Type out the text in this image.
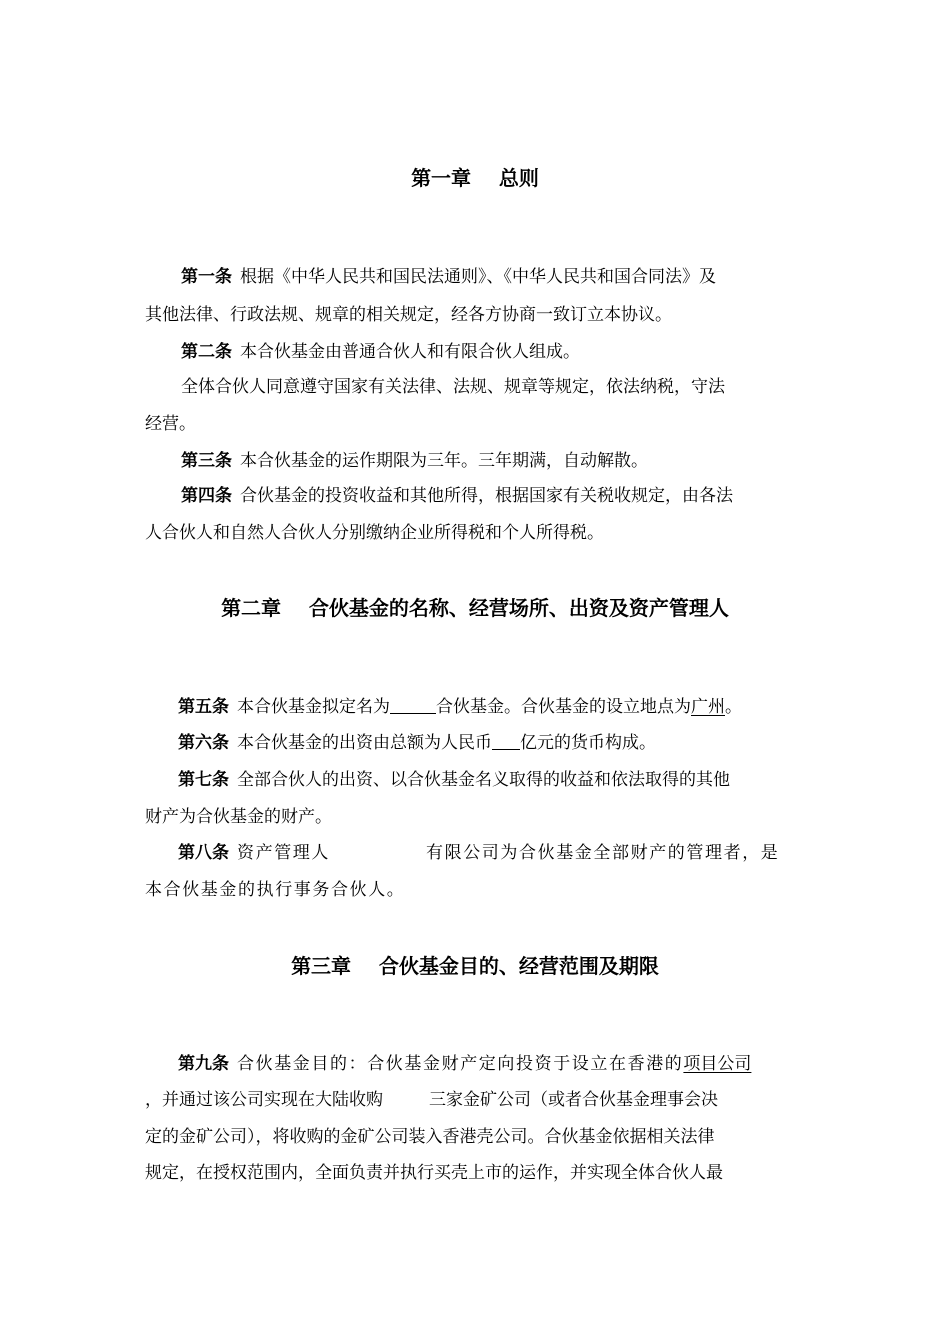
第一章    总则
第一条 根据《中华人民共和国民法通则》、《中华人民共和国合同法》及
其他法律、行政法规、规章的相关规定，经各方协商一致订立本协议。
第二条 本合伙基金由普通合伙人和有限合伙人组成。
全体合伙人同意遵守国家有关法律、法规、规章等规定，依法纳税，守法
经营。
第三条 本合伙基金的运作期限为三年。三年期满，自动解散。
第四条 合伙基金的投资收益和其他所得，根据国家有关税收规定，由各法
人合伙人和自然人合伙人分别缴纳企业所得税和个人所得税。
第二章    合伙基金的名称、经营场所、出资及资产管理人
第五条 本合伙基金拟定名为	合伙基金。合伙基金的设立地点为广州。
第六条 本合伙基金的出资由总额为人民币 亿元的货币构成。
第七条 全部合伙人的出资、以合伙基金名义取得的收益和依法取得的其他
财产为合伙基金的财产。
第八条 资产管理人	有限公司为合伙基金全部财产的管理者，是
本合伙基金的执行事务合伙人。
第三章    合伙基金目的、经营范围及期限
第九条 合伙基金目的：合伙基金财产定向投资于设立在香港的项目公司
，并通过该公司实现在大陆收购	三家金矿公司（或者合伙基金理事会决
定的金矿公司），将收购的金矿公司装入香港壳公司。合伙基金依据相关法律
规定，在授权范围内，全面负责并执行买壳上市的运作，并实现全体合伙人最
